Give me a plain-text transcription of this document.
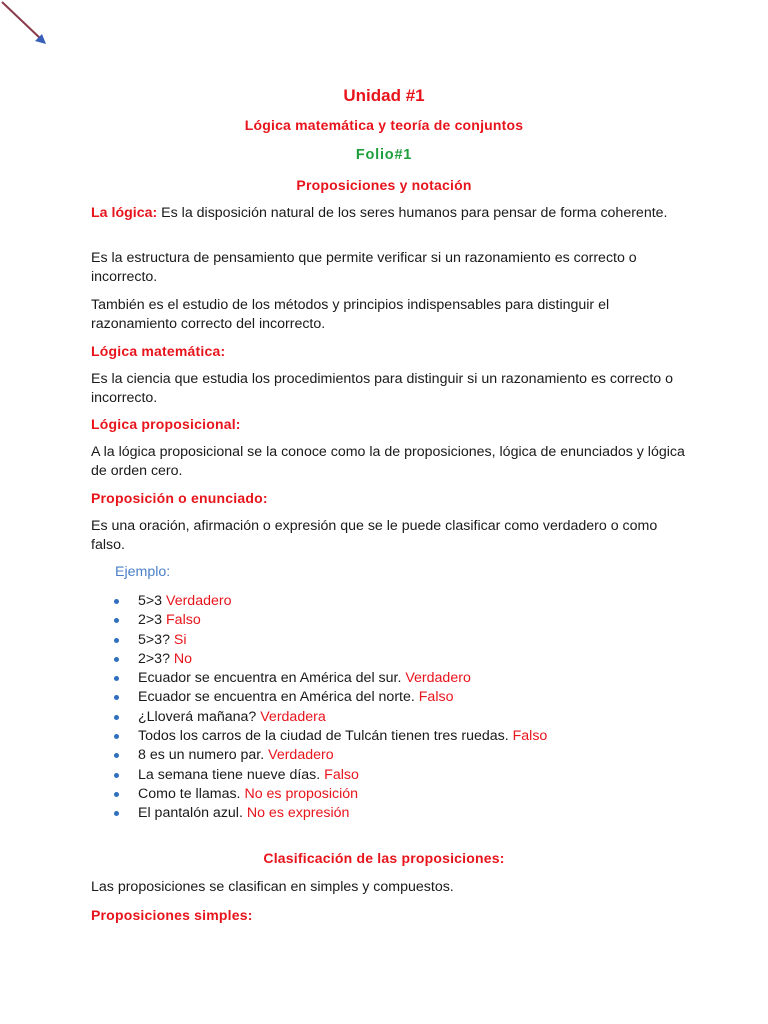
Unidad #1
Lógica matemática y teoría de conjuntos
Folio#1
Proposiciones y notación
La lógica: Es la disposición natural de los seres humanos para pensar de forma coherente.
Es la estructura de pensamiento que permite verificar si un razonamiento es correcto o incorrecto.
También es el estudio de los métodos y principios indispensables para distinguir el razonamiento correcto del incorrecto.
Lógica matemática:
Es la ciencia que estudia los procedimientos para distinguir si un razonamiento es correcto o incorrecto.
Lógica proposicional:
A la lógica proposicional se la conoce como la de proposiciones, lógica de enunciados y lógica de orden cero.
Proposición o enunciado:
Es una oración, afirmación o expresión que se le puede clasificar como verdadero o como falso.
Ejemplo:
5>3 Verdadero
2>3 Falso
5>3? Si
2>3? No
Ecuador se encuentra en América del sur. Verdadero
Ecuador se encuentra en América del norte. Falso
¿Lloverá mañana? Verdadera
Todos los carros de la ciudad de Tulcán tienen tres ruedas. Falso
8 es un numero par. Verdadero
La semana tiene nueve días. Falso
Como te llamas. No es proposición
El pantalón azul. No es expresión
Clasificación de las proposiciones:
Las proposiciones se clasifican en simples y compuestos.
Proposiciones simples:
